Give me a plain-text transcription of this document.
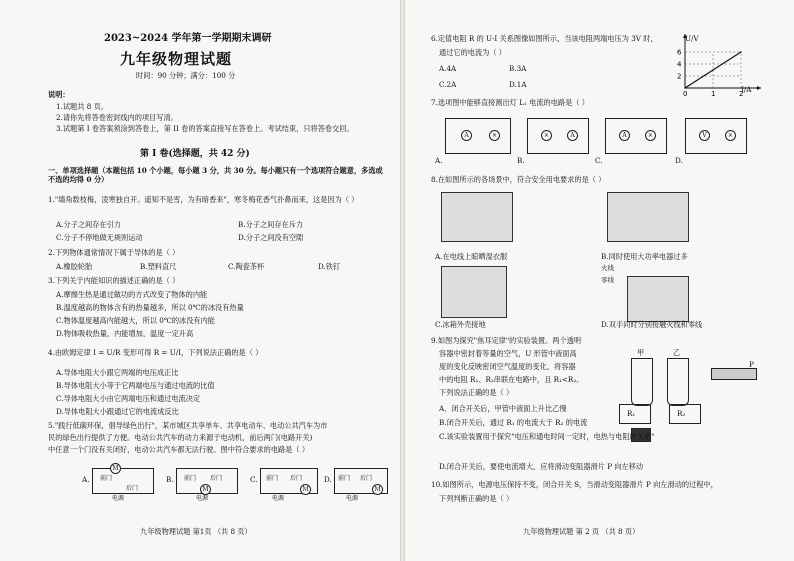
2023~2024 学年第一学期期末调研
九年级物理试题
时间：90 分钟；满分：100 分
说明：
1.试题共 8 页。
2.请你先将答卷密封线内的项目写清。
3.试题第 I 卷答案须涂到答卷上，第 II 卷的答案直接写在答卷上。考试结束，只将答卷交回。
第 I 卷(选择题，共 42 分)
一、单项选择题（本题包括 10 个小题，每小题 3 分，共 30 分。每小题只有一个选项符合题意，多选或不选的均得 0 分）
1."墙角数枝梅，凌寒独自开。遥知不是雪，为有暗香来"，寒冬梅花香气扑鼻而来，这是因为（ ）
A.分子之间存在引力	B.分子之间存在斥力
C.分子不停地做无规则运动	D.分子之间没有空隙
2.下列物体通常情况下属于导体的是（ ）
A.橡胶轮胎	B.塑料直尺	C.陶瓷茶杯	D.铁钉
3.下列关于内能知识的描述正确的是（ ）
A.摩擦生热是通过做功的方式改变了物体的内能
B.温度越高的物体含有的热量越多，所以 0℃的冰没有热量
C.物体温度越高内能越大，所以 0℃的冰没有内能
D.物体吸收热量，内能增加，温度一定升高
4.由欧姆定律 I = U/R 变形可得 R = U/I，下列说法正确的是（ ）
A.导体电阻大小跟它两端的电压成正比
B.导体电阻大小等于它两端电压与通过电流的比值
C.导体电阻大小由它两端电压和通过电流决定
D.导体电阻大小跟通过它的电流成反比
5."践行低碳环保，倡导绿色出行"，某市城区共享单车、共享电动车、电动公共汽车为市
民的绿色出行提供了方便。电动公共汽车的动力来源于电动机，前后两门(电路开关)
中任意一个门没有关闭好，电动公共汽车都无法行驶。图中符合要求的电路是（ ）
A.
M
前门
后门
电源
B. 前门 后门
M
电源
C. 前门 后门
M
电源
D. 前门 后门
M
电源
九年级物理试题 第1页 （共 8 页）
6.定值电阻 R 的 U-I 关系图像如图所示，当该电阻两端电压为 3V 时，
通过它的电流为（ ）
A.4A	B.3A
C.2A	D.1A
2
4
6
0	1	2
U/V
I/A
7.选项图中能够直接测出灯 L₁ 电流的电路是（ ）
A	×
A.
×	A
B.
A	×
C.
V	×
D.
8.在如图所示的各场景中，符合安全用电要求的是（ ）
A.在电线上晾晒湿衣服	B.同时使用大功率电器过多
火线
零线
C.冰箱外壳接地	D.双手同时分别接触火线和零线
9.如图为探究"焦耳定律"的实验装置。两个透明
容器中密封着等量的空气，U 形管中液面高
度的变化反映密闭空气温度的变化，将容器
中的电阻 R₁、R₂串联在电路中，且 R₁<R₂。
下列说法正确的是（ ）
甲	乙
R₁	R₂
P
A．闭合开关后，甲管中液面上升比乙慢
B.闭合开关后，通过 R₁ 的电流大于 R₂ 的电流
C.该实验装置用于探究"电压和通电时间一定时，电热与电阻的关系"
D.闭合开关后，要使电流增大，应将滑动变阻器滑片 P 向左移动
10.如图所示，电源电压保持不变，闭合开关 S，当滑动变阻器滑片 P 向左滑动的过程中，
下列判断正确的是（ ）
九年级物理试题 第 2 页 （共 8 页）
